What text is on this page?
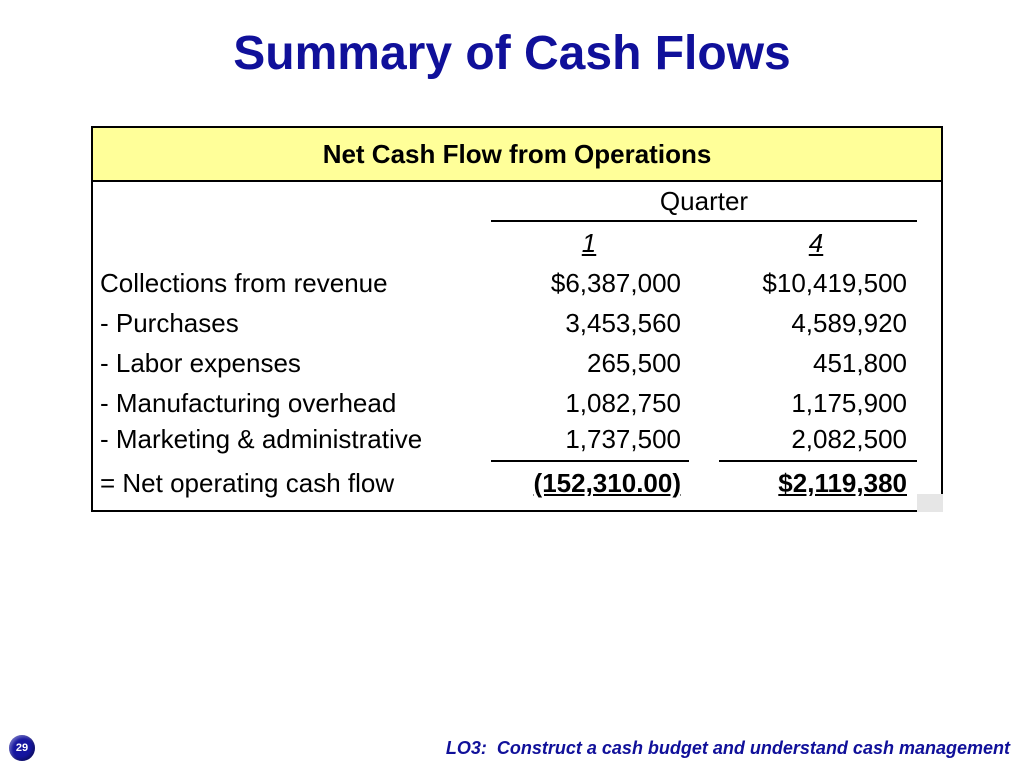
Summary of Cash Flows
Net Cash Flow from Operations
Quarter
1	4
Collections from revenue	$6,387,000	$10,419,500
- Purchases	3,453,560	4,589,920
- Labor expenses	265,500	451,800
- Manufacturing overhead	1,082,750	1,175,900
- Marketing & administrative	1,737,500	2,082,500
= Net operating cash flow	(152,310.00)	$2,119,380
29	LO3:  Construct a cash budget and understand cash management
